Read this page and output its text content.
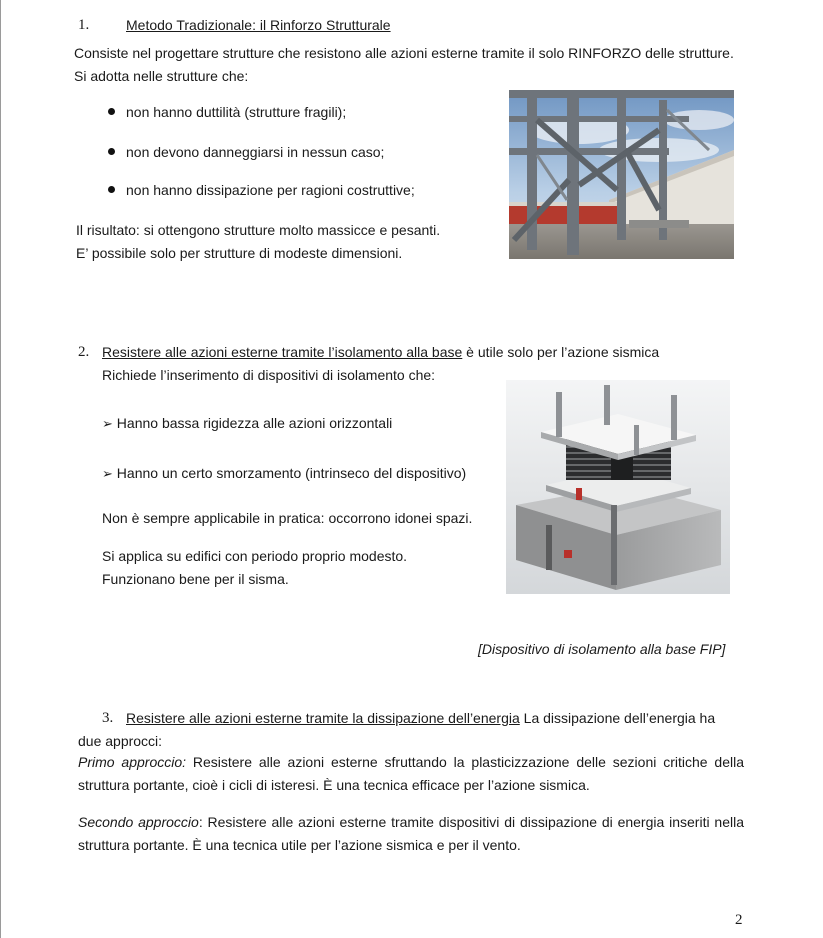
1.	Metodo Tradizionale: il Rinforzo Strutturale
Consiste nel progettare strutture che resistono alle azioni esterne tramite il solo RINFORZO delle strutture.
Si adotta nelle strutture che:
non hanno duttilità (strutture fragili);
non devono danneggiarsi in nessun caso;
non hanno dissipazione per ragioni costruttive;
Il risultato: si ottengono strutture molto massicce e pesanti.
E’ possibile solo per strutture di modeste dimensioni.
2. Resistere alle azioni esterne tramite l’isolamento alla base è utile solo per l’azione sismica
Richiede l’inserimento di dispositivi di isolamento che:
➢ Hanno bassa rigidezza alle azioni orizzontali
➢ Hanno un certo smorzamento (intrinseco del dispositivo)
Non è sempre applicabile in pratica: occorrono idonei spazi.
Si applica su edifici con periodo proprio modesto.
Funzionano bene per il sisma.
[Dispositivo di isolamento alla base FIP]
3. Resistere alle azioni esterne tramite la dissipazione dell’energia La dissipazione dell’energia ha
due approcci:
Primo approccio: Resistere alle azioni esterne sfruttando la plasticizzazione delle sezioni critiche della struttura portante, cioè i cicli di isteresi. È una tecnica efficace per l’azione sismica.
Secondo approccio: Resistere alle azioni esterne tramite dispositivi di dissipazione di energia inseriti nella struttura portante. È una tecnica utile per l’azione sismica e per il vento.
2
